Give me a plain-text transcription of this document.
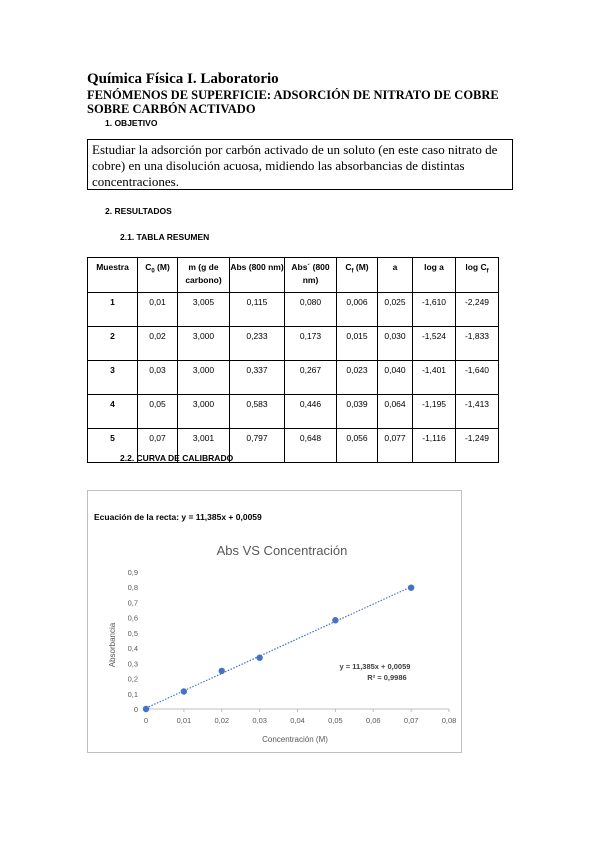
Química Física I. Laboratorio
FENÓMENOS DE SUPERFICIE: ADSORCIÓN DE NITRATO DE COBRE SOBRE CARBÓN ACTIVADO
1. OBJETIVO
Estudiar la adsorción por carbón activado de un soluto (en este caso nitrato de cobre) en una disolución acuosa, midiendo las absorbancias de distintas concentraciones.
2. RESULTADOS
2.1. TABLA RESUMEN
Muestra	$C_0$ (M)	m (g de carbono)	Abs (800 nm)	Abs´ (800 nm)	$C_f$ (M)	a	log a	$\log C_f$
1	0,01	3,005	0,115	0,080	0,006	0,025	-1,610	-2,249
2	0,02	3,000	0,233	0,173	0,015	0,030	-1,524	-1,833
3	0,03	3,000	0,337	0,267	0,023	0,040	-1,401	-1,640
4	0,05	3,000	0,583	0,446	0,039	0,064	-1,195	-1,413
5	0,07	3,001	0,797	0,648	0,056	0,077	-1,116	-1,249
2.2. CURVA DE CALIBRADO
Ecuación de la recta: y = 11,385x + 0,0059
Abs VS Concentración
0
0,1
0,2
0,3
0,4
0,5
0,6
0,7
0,8
0,9
0	0,01	0,02	0,03	0,04	0,05	0,06	0,07	0,08
Concentración (M)
Absorbancia	y = 11,385x + 0,0059
R² = 0,9986
